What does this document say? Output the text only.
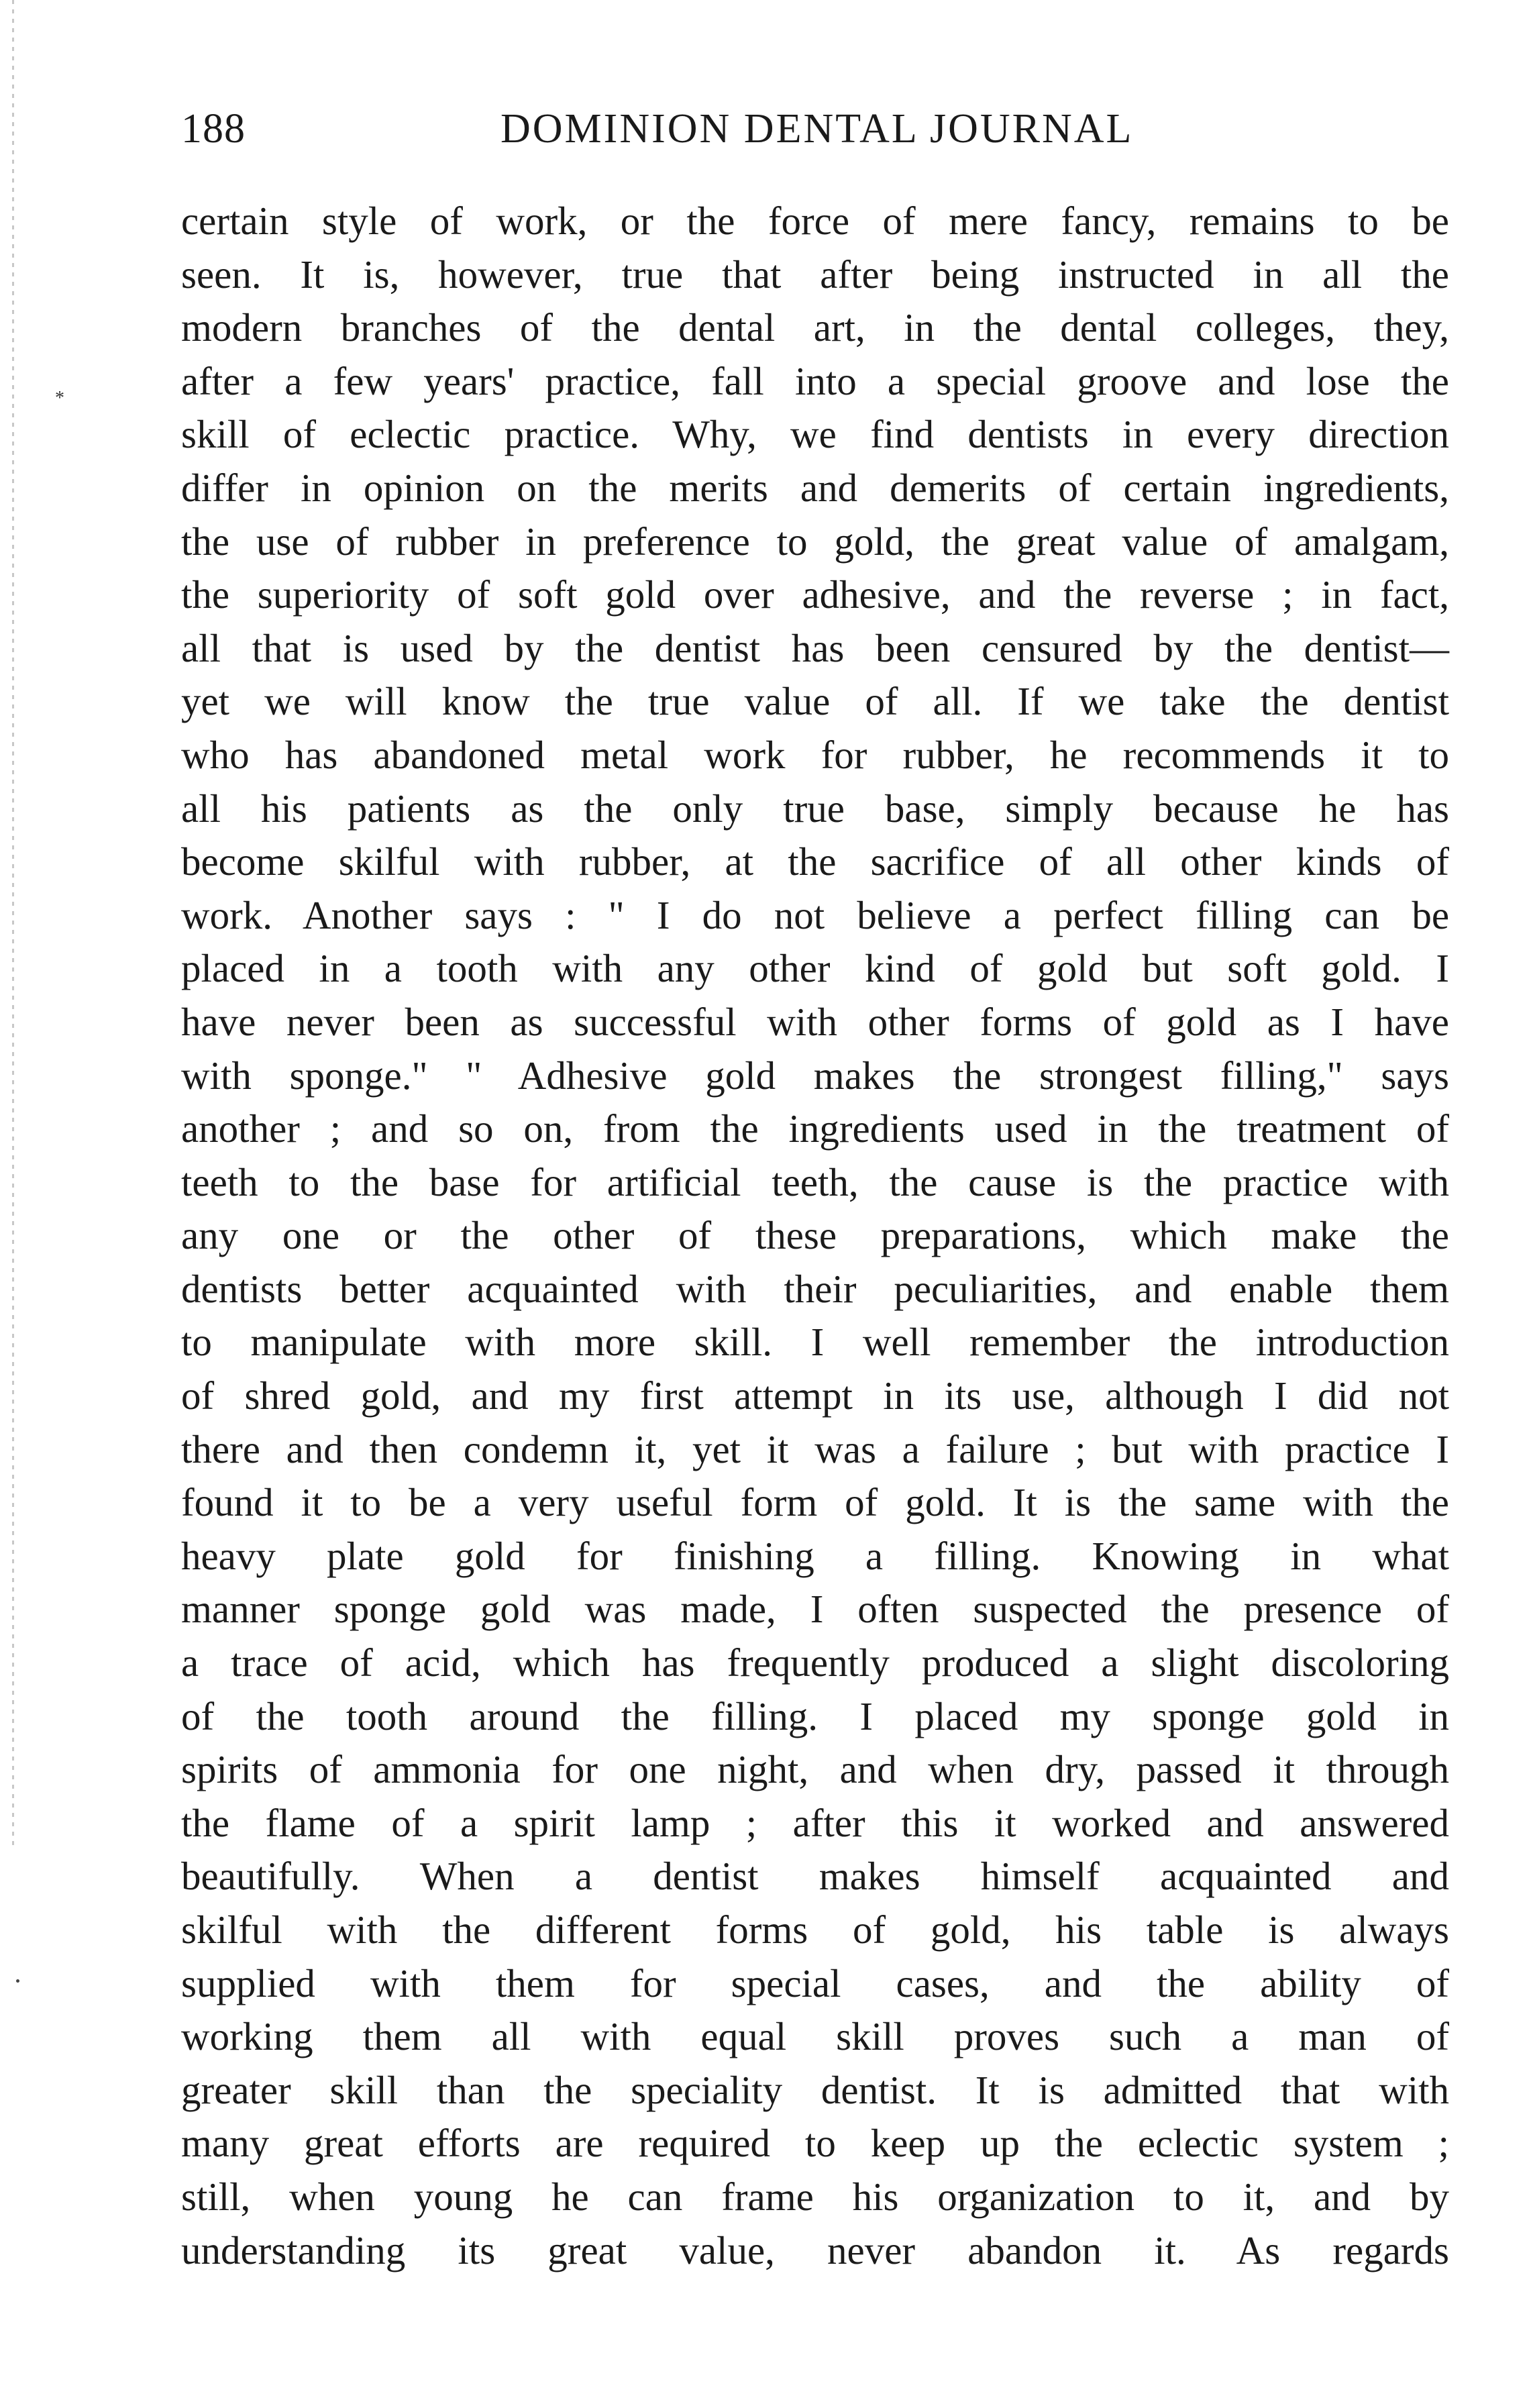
*
188	DOMINION DENTAL JOURNAL
certain style of work, or the force of mere fancy, remains to be
seen. It is, however, true that after being instructed in all the
modern branches of the dental art, in the dental colleges, they,
after a few years' practice, fall into a special groove and lose the
skill of eclectic practice. Why, we find dentists in every direction
differ in opinion on the merits and demerits of certain ingredients,
the use of rubber in preference to gold, the great value of amalgam,
the superiority of soft gold over adhesive, and the reverse ; in fact,
all that is used by the dentist has been censured by the dentist—
yet we will know the true value of all. If we take the dentist
who has abandoned metal work for rubber, he recommends it to
all his patients as the only true base, simply because he has
become skilful with rubber, at the sacrifice of all other kinds of
work. Another says : " I do not believe a perfect filling can be
placed in a tooth with any other kind of gold but soft gold. I
have never been as successful with other forms of gold as I have
with sponge." " Adhesive gold makes the strongest filling," says
another ; and so on, from the ingredients used in the treatment of
teeth to the base for artificial teeth, the cause is the practice with
any one or the other of these preparations, which make the
dentists better acquainted with their peculiarities, and enable them
to manipulate with more skill. I well remember the introduction
of shred gold, and my first attempt in its use, although I did not
there and then condemn it, yet it was a failure ; but with practice I
found it to be a very useful form of gold. It is the same with the
heavy plate gold for finishing a filling. Knowing in what
manner sponge gold was made, I often suspected the presence of
a trace of acid, which has frequently produced a slight discoloring
of the tooth around the filling. I placed my sponge gold in
spirits of ammonia for one night, and when dry, passed it through
the flame of a spirit lamp ; after this it worked and answered
beautifully. When a dentist makes himself acquainted and
skilful with the different forms of gold, his table is always
supplied with them for special cases, and the ability of
working them all with equal skill proves such a man of
greater skill than the speciality dentist. It is admitted that with
many great efforts are required to keep up the eclectic system ;
still, when young he can frame his organization to it, and by
understanding its great value, never abandon it. As regards
